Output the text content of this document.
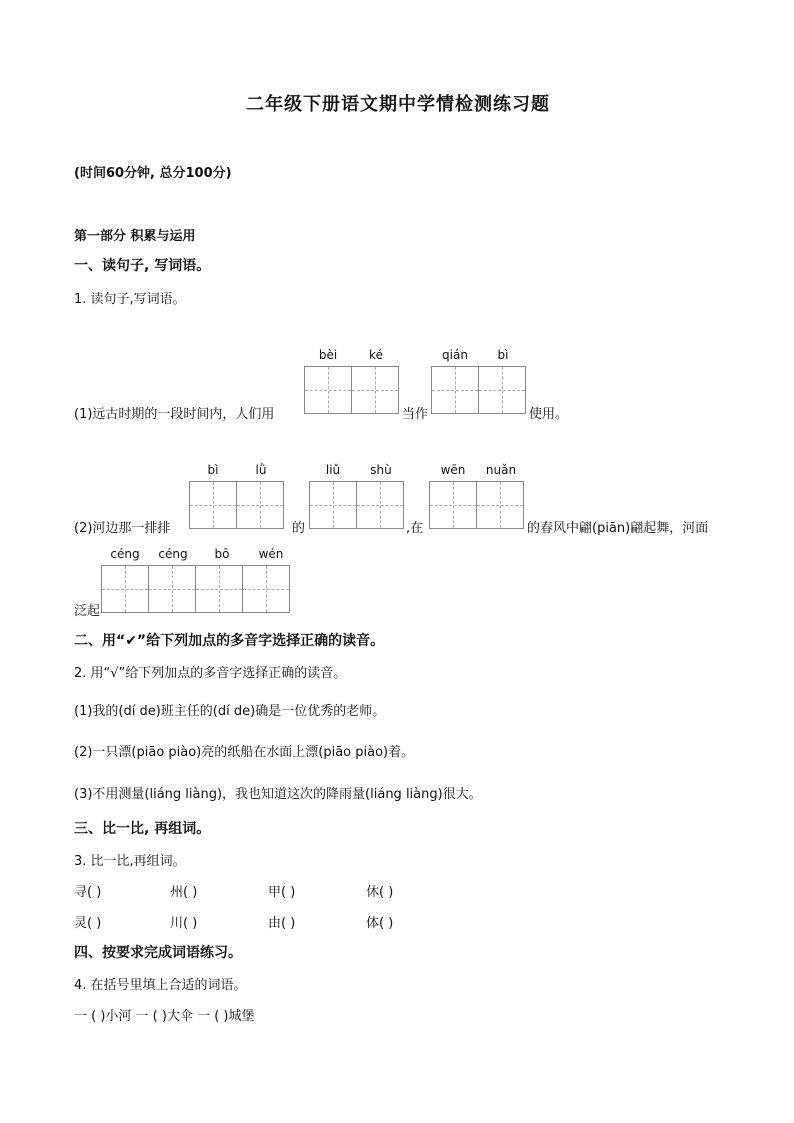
二年级下册语文期中学情检测练习题
(时间60分钟, 总分100分)
第一部分 积累与运用
一、读句子, 写词语。
1. 读句子,写词语。
bèi	ké	qián	bì
(1)远古时期的一段时间内，人们用	当作	使用。
bì	lǜ	liǔ	shù	wēn	nuǎn
(2)河边那一排排	的	,在	的春风中翩(piān)翩起舞，河面
céng	céng	bō	wén
泛起
二、用“✔”给下列加点的多音字选择正确的读音。
2. 用“√”给下列加点的多音字选择正确的读音。
(1)我的(dí de)班主任的(dí de)确是一位优秀的老师。
(2)一只漂(piāo piào)亮的纸船在水面上漂(piāo piào)着。
(3)不用测量(liáng liàng)，我也知道这次的降雨量(liáng liàng)很大。
三、比一比, 再组词。
3. 比一比,再组词。
寻( )	州( )	甲( )	休( )
灵( )	川( )	由( )	体( )
四、按要求完成词语练习。
4. 在括号里填上合适的词语。
一 ( )小河 一 ( )大伞 一 ( )城堡
